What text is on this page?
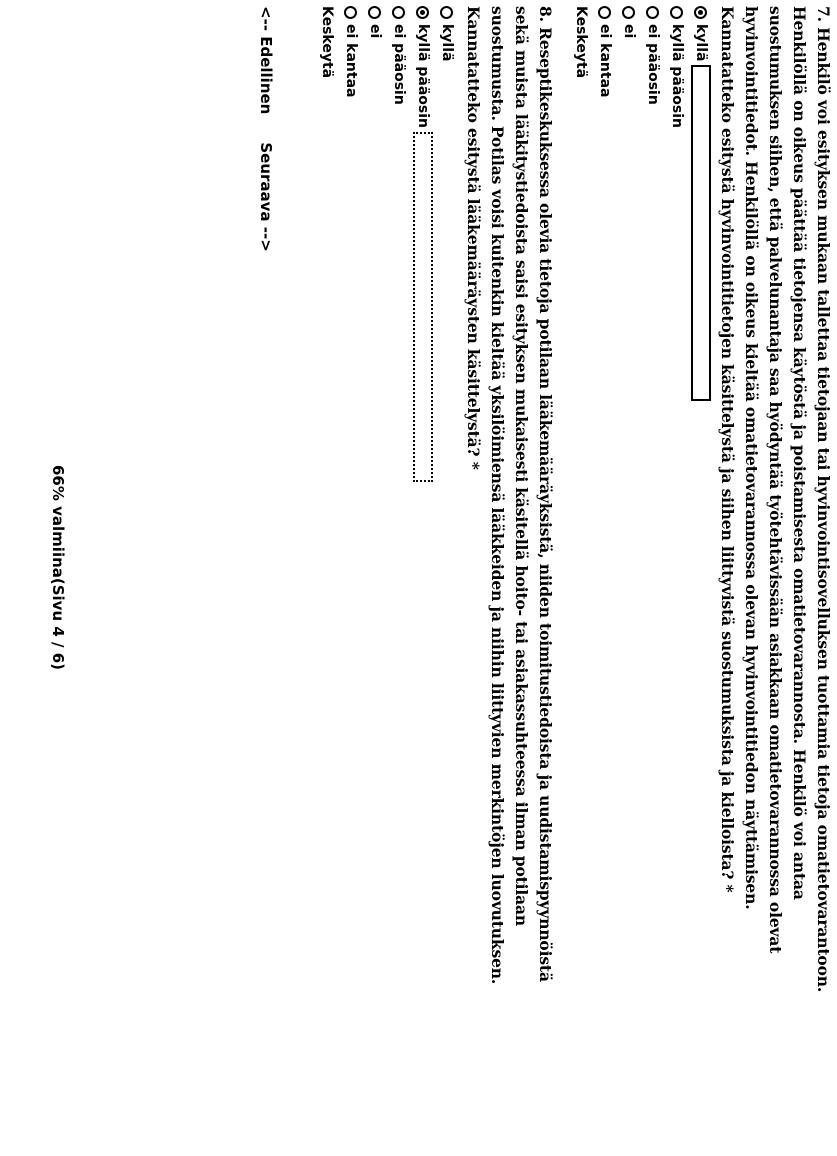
7. Henkilö voi esityksen mukaan tallettaa tietojaan tai hyvinvointisovelluksen tuottamia tietoja omatietovarantoon.

Henkilöllä on oikeus päättää tietojensa käytöstä ja poistamisesta omatietovarannosta. Henkilö voi antaa

suostumuksen siihen, että palvelunantaja saa hyödyntää työtehtävissään asiakkaan omatietovarannossa olevat

hyvinvointitiedot. Henkilöllä on oikeus kieltää omatietovarannossa olevan hyvinvointitiedon näyttämisen.

Kannatatteko esitystä hyvinvointitietojen käsittelystä ja siihen liittyvistä suostumuksista ja kielloista? *

kyllä
kyllä pääosin
ei pääosin
ei
ei kantaa
Keskeytä

8. Reseptikeskuksessa olevia tietoja potilaan lääkemääräyksistä, niiden toimitustiedoista ja uudistamispyynnöistä

sekä muista lääkitystiedoista saisi esityksen mukaisesti käsitellä hoito- tai asiakassuhteessa ilman potilaan

suostumusta. Potilas voisi kuitenkin kieltää yksilöimiensä lääkkeiden ja niihin liittyvien merkintöjen luovutuksen.

Kannatatteko esitystä lääkemääräysten käsittelystä? *

kyllä
kyllä pääosin
ei pääosin
ei
ei kantaa
Keskeytä
<-- Edellinen
Seuraava -->
66% valmiina(Sivu 4 / 6)
